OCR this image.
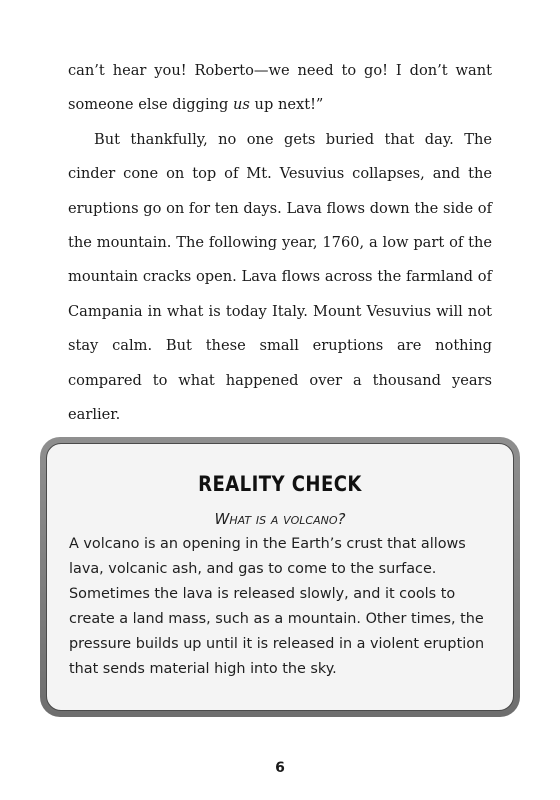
can’t hear you! Roberto—we need to go! I don’t want someone else digging us up next!”

But thankfully, no one gets buried that day. The cinder cone on top of Mt. Vesuvius collapses, and the eruptions go on for ten days. Lava flows down the side of the mountain. The following year, 1760, a low part of the mountain cracks open. Lava flows across the farmland of Campania in what is today Italy. Mount Vesuvius will not stay calm. But these small eruptions are nothing compared to what happened over a thousand years earlier.

REALITY CHECK
What is a volcano?

A volcano is an opening in the Earth’s crust that allows lava, volcanic ash, and gas to come to the surface. Sometimes the lava is released slowly, and it cools to create a land mass, such as a mountain. Other times, the pressure builds up until it is released in a violent eruption that sends material high into the sky.

6
